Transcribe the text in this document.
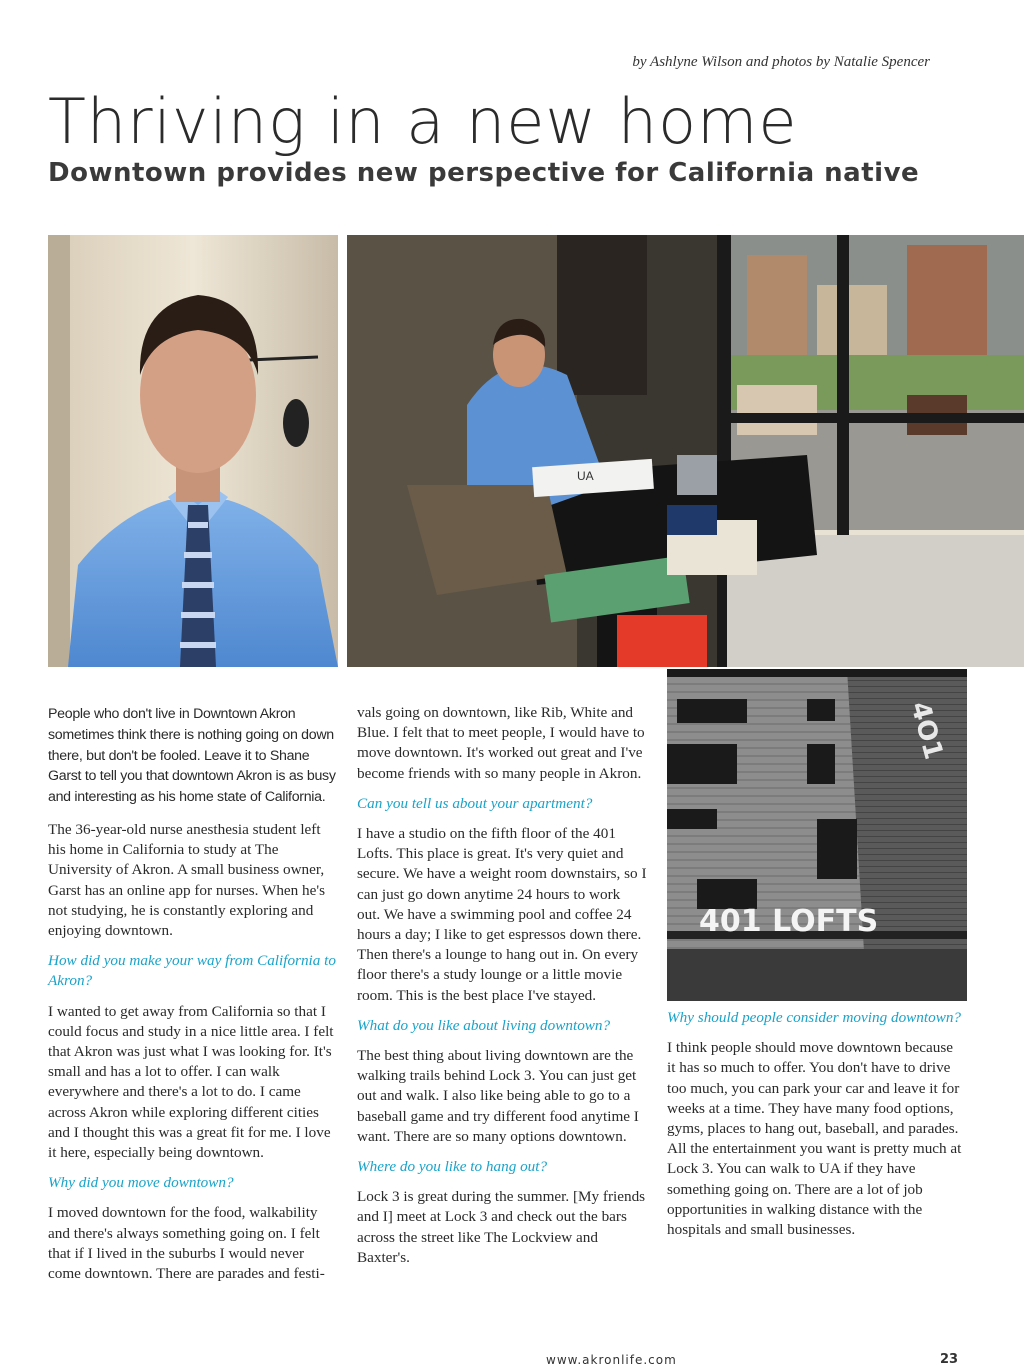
by Ashlyne Wilson and photos by Natalie Spencer
Thriving in a new home
Downtown provides new perspective for California native
UA
401 LOFTS
4O1

People who don't live in Downtown Akron sometimes think there is nothing going on down there, but don't be fooled. Leave it to Shane Garst to tell you that downtown Akron is as busy and interesting as his home state of California.

The 36-year-old nurse anesthesia student left his home in California to study at The University of Akron. A small business owner, Garst has an online app for nurses. When he's not studying, he is constantly exploring and enjoying downtown.

How did you make your way from California to Akron?

I wanted to get away from California so that I could focus and study in a nice little area. I felt that Akron was just what I was looking for. It's small and has a lot to offer. I can walk everywhere and there's a lot to do. I came across Akron while exploring different cities and I thought this was a great fit for me. I love it here, especially being downtown.

Why did you move downtown?

I moved downtown for the food, walkability and there's always something going on. I felt that if I lived in the suburbs I would never come downtown. There are parades and festi-

vals going on downtown, like Rib, White and Blue. I felt that to meet people, I would have to move downtown. It's worked out great and I've become friends with so many people in Akron.

Can you tell us about your apartment?

I have a studio on the fifth floor of the 401 Lofts. This place is great. It's very quiet and secure. We have a weight room downstairs, so I can just go down anytime 24 hours to work out. We have a swimming pool and coffee 24 hours a day; I like to get espressos down there. Then there's a lounge to hang out in. On every floor there's a study lounge or a little movie room. This is the best place I've stayed.

What do you like about living downtown?

The best thing about living downtown are the walking trails behind Lock 3. You can just get out and walk. I also like being able to go to a baseball game and try different food anytime I want. There are so many options downtown.

Where do you like to hang out?

Lock 3 is great during the summer. [My friends and I] meet at Lock 3 and check out the bars across the street like The Lockview and Baxter's.

Why should people consider moving downtown?

I think people should move downtown because it has so much to offer. You don't have to drive too much, you can park your car and leave it for weeks at a time. They have many food options, gyms, places to hang out, baseball, and parades. All the entertainment you want is pretty much at Lock 3. You can walk to UA if they have something going on. There are a lot of job opportunities in walking distance with the hospitals and small businesses.

www.akronlife.com	23
